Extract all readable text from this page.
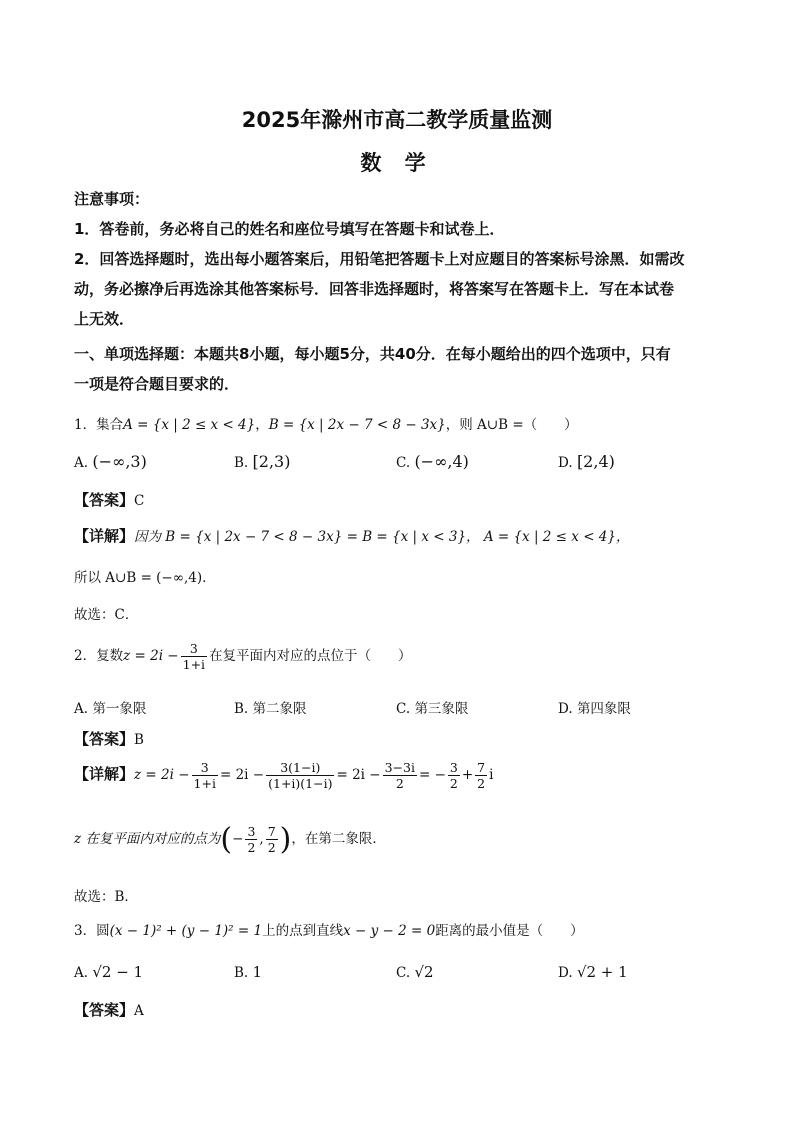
2025年滁州市高二教学质量监测
数 学
注意事项：
1．答卷前，务必将自己的姓名和座位号填写在答题卡和试卷上．
2．回答选择题时，选出每小题答案后，用铅笔把答题卡上对应题目的答案标号涂黑．如需改
动，务必擦净后再选涂其他答案标号．回答非选择题时，将答案写在答题卡上．写在本试卷
上无效．
一、单项选择题：本题共8小题，每小题5分，共40分．在每小题给出的四个选项中，只有
一项是符合题目要求的．
1．集合A = {x | 2 ≤ x < 4}，B = {x | 2x − 7 < 8 − 3x}，则 A∪B =（　　）
A. (−∞,3)	B. [2,3)	C. (−∞,4)	D. [2,4)
【答案】C
【详解】因为 B = {x | 2x − 7 < 8 − 3x} = B = {x | x < 3}， A = {x | 2 ≤ x < 4}，
所以 A∪B = (−∞,4)．
故选：C．
2．复数$z = 2i - \frac{3}{1+i}$ 在复平面内对应的点位于（　　）
A. 第一象限	B. 第二象限	C. 第三象限	D. 第四象限
【答案】B
【详解】$z = 2i - \frac{3}{1+i} = 2i - \frac{3(1-i)}{(1+i)(1-i)} = 2i - \frac{3-3i}{2}$ = − $\frac{3}{2} + \frac{7}{2}$ i
z 在复平面内对应的点为(− $\frac{3}{2}$ , $\frac{7}{2}$ )，在第二象限．
故选：B．
3．圆(x − 1)² + (y − 1)² = 1上的点到直线x − y − 2 = 0距离的最小值是（　　）
A. √2 − 1	B. 1	C. √2	D. √2 + 1
【答案】A
